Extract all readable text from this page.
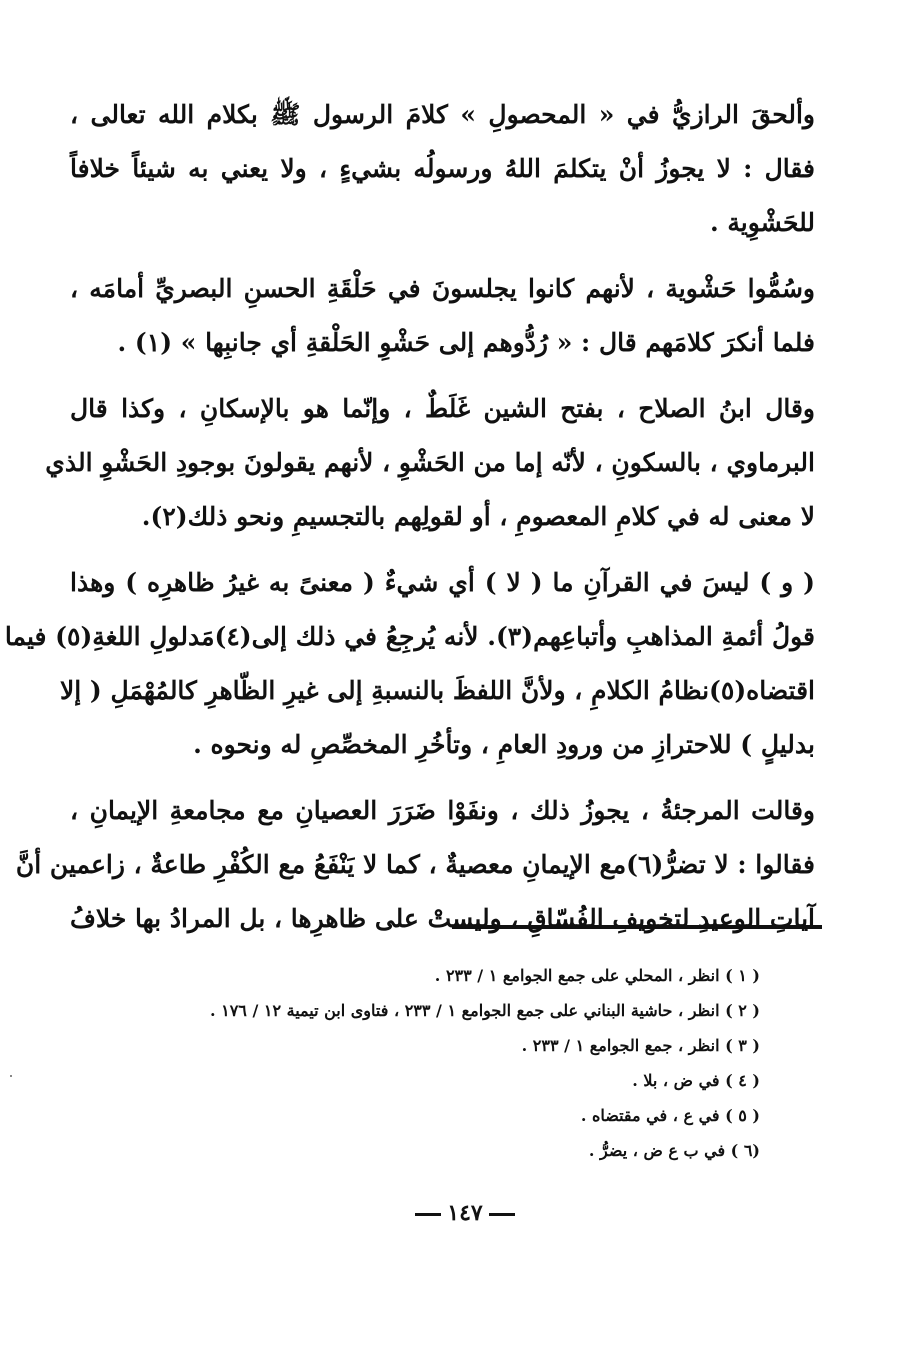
وألحقَ الرازيُّ في « المحصولِ » كلامَ الرسول ﷺ بكلام الله تعالى ،
فقال : لا يجوزُ أنْ يتكلمَ اللهُ ورسولُه بشيءٍ ، ولا يعني به شيئاً خلافاً
للحَشْوِية .

وسُمُّوا حَشْوية ، لأنهم كانوا يجلسونَ في حَلْقَةِ الحسنِ البصريِّ أمامَه ،
فلما أنكرَ كلامَهم قال : « رُدُّوهم إلى حَشْوِ الحَلْقةِ أي جانبِها » (١) .

وقال ابنُ الصلاح ، بفتح الشين غَلَطٌ ، وإنّما هو بالإسكانِ ، وكذا قال
البرماوي ، بالسكونِ ، لأنّه إما من الحَشْوِ ، لأنهم يقولونَ بوجودِ الحَشْوِ الذي
لا معنى له في كلامِ المعصومِ ، أو لقولِهم بالتجسيمِ ونحو ذلك(٢).

( و ) ليسَ في القرآنِ ما ( لا ) أي شيءٌ ( معنىً به غيرُ ظاهرِه ) وهذا
قولُ أئمةِ المذاهبِ وأتباعِهم(٣). لأنه يُرجِعُ في ذلك إلى(٤)مَدلولِ اللغةِ(٥) فيما
اقتضاه(٥)نظامُ الكلامِ ، ولأنَّ اللفظَ بالنسبةِ إلى غيرِ الظّاهرِ كالمُهْمَلِ ( إلا
بدليلٍ ) للاحترازِ من ورودِ العامِ ، وتأخُرِ المخصِّصِ له ونحوه .

وقالت المرجئةُ ، يجوزُ ذلك ، ونفَوْا ضَرَرَ العصيانِ مع مجامعةِ الإيمانِ ،
فقالوا : لا تضرُّ(٦)مع الإيمانِ معصيةٌ ، كما لا يَنْفَعُ مع الكُفْرِ طاعةٌ ، زاعمين أنَّ
آياتِ الوعيدِ لتخويفِ الفُسّاقِ ، وليستْ على ظاهرِها ، بل المرادُ بها خلافُ

( ١ ) انظر ، المحلي على جمع الجوامع ١ / ٢٣٣ .
( ٢ ) انظر ، حاشية البناني على جمع الجوامع ١ / ٢٣٣ ، فتاوى ابن تيمية ١٢ / ١٧٦ .
( ٣ ) انظر ، جمع الجوامع ١ / ٢٣٣ .
( ٤ ) في ض ، بلا .
( ٥ ) في ع ، في مقتضاه .
(٦ ) في ب ع ض ، يضرُّ .
١٤٧
